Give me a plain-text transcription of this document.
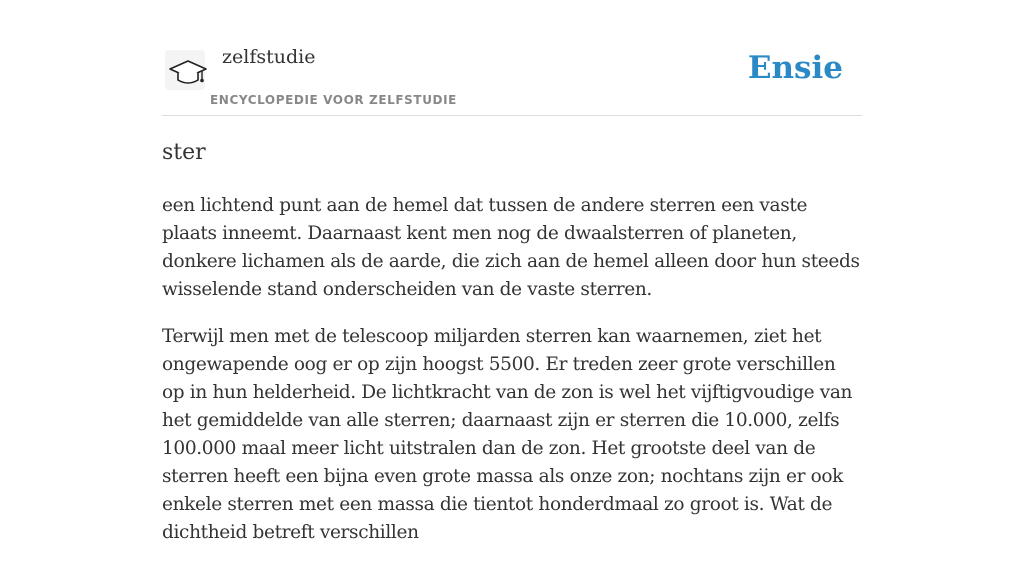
zelfstudie
ENCYCLOPEDIE VOOR ZELFSTUDIE
Ensie
ster

een lichtend punt aan de hemel dat tussen de andere sterren een vaste plaats inneemt. Daarnaast kent men nog de dwaalsterren of planeten, donkere lichamen als de aarde, die zich aan de hemel alleen door hun steeds wisselende stand onderscheiden van de vaste sterren.

Terwijl men met de telescoop miljarden sterren kan waarnemen, ziet het ongewapende oog er op zijn hoogst 5500. Er treden zeer grote verschillen op in hun helderheid. De lichtkracht van de zon is wel het vijftigvoudige van het gemiddelde van alle sterren; daarnaast zijn er sterren die 10.000, zelfs 100.000 maal meer licht uitstralen dan de zon. Het grootste deel van de sterren heeft een bijna even grote massa als onze zon; nochtans zijn er ook enkele sterren met een massa die tientot honderdmaal zo groot is. Wat de dichtheid betreft verschillen
